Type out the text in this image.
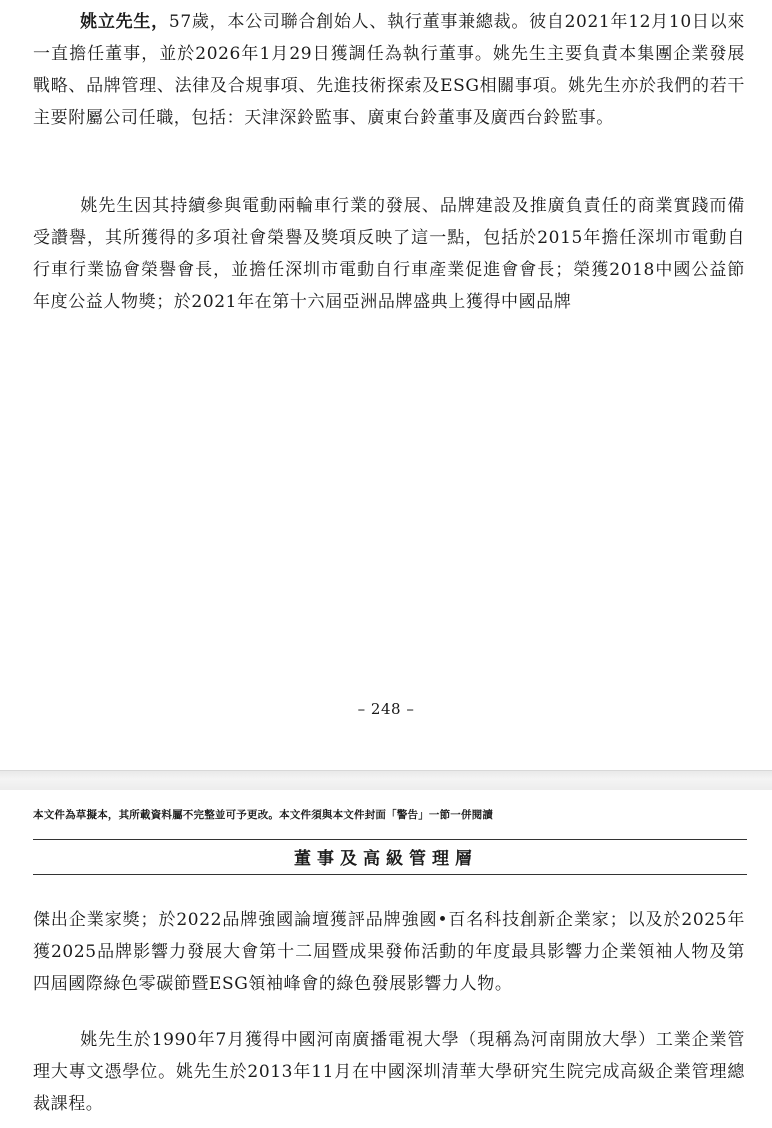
姚立先生，57歲，本公司聯合創始人、執行董事兼總裁。彼自2021年12月10日以來一直擔任董事，並於2026年1月29日獲調任為執行董事。姚先生主要負責本集團企業發展戰略、品牌管理、法律及合規事項、先進技術探索及ESG相關事項。姚先生亦於我們的若干主要附屬公司任職，包括：天津深鈴監事、廣東台鈴董事及廣西台鈴監事。

姚先生因其持續參與電動兩輪車行業的發展、品牌建設及推廣負責任的商業實踐而備受讚譽，其所獲得的多項社會榮譽及獎項反映了這一點，包括於2015年擔任深圳市電動自行車行業協會榮譽會長，並擔任深圳市電動自行車產業促進會會長；榮獲2018中國公益節年度公益人物獎；於2021年在第十六屆亞洲品牌盛典上獲得中國品牌

– 248 –
本文件為草擬本，其所載資料屬不完整並可予更改。本文件須與本文件封面「警告」一節一併閱讀
董事及高級管理層

傑出企業家獎；於2022品牌強國論壇獲評品牌強國•百名科技創新企業家；以及於2025年獲2025品牌影響力發展大會第十二屆暨成果發佈活動的年度最具影響力企業領袖人物及第四屆國際綠色零碳節暨ESG領袖峰會的綠色發展影響力人物。

姚先生於1990年7月獲得中國河南廣播電視大學（現稱為河南開放大學）工業企業管理大專文憑學位。姚先生於2013年11月在中國深圳清華大學研究生院完成高級企業管理總裁課程。
